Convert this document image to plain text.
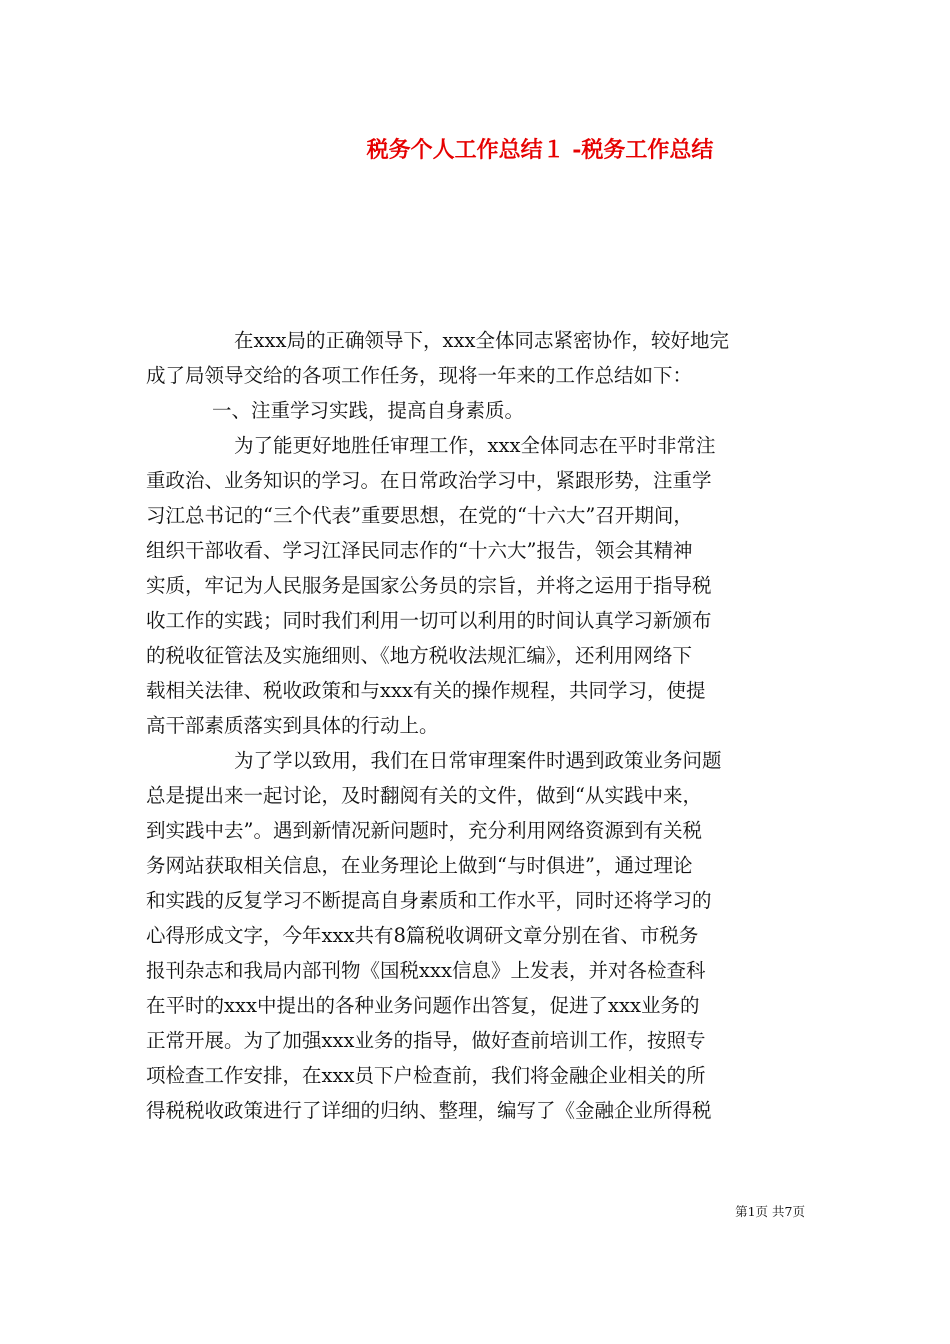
税务个人工作总结１ -税务工作总结
在xxx局的正确领导下，xxx全体同志紧密协作，较好地完
成了局领导交给的各项工作任务，现将一年来的工作总结如下：
一、注重学习实践，提高自身素质。
为了能更好地胜任审理工作，xxx全体同志在平时非常注
重政治、业务知识的学习。在日常政治学习中，紧跟形势，注重学
习江总书记的“三个代表”重要思想，在党的“十六大”召开期间，
组织干部收看、学习江泽民同志作的“十六大”报告，领会其精神
实质，牢记为人民服务是国家公务员的宗旨，并将之运用于指导税
收工作的实践；同时我们利用一切可以利用的时间认真学习新颁布
的税收征管法及实施细则、《地方税收法规汇编》，还利用网络下
载相关法律、税收政策和与xxx有关的操作规程，共同学习，使提
高干部素质落实到具体的行动上。
为了学以致用，我们在日常审理案件时遇到政策业务问题
总是提出来一起讨论，及时翻阅有关的文件，做到“从实践中来，
到实践中去”。遇到新情况新问题时，充分利用网络资源到有关税
务网站获取相关信息，在业务理论上做到“与时俱进”，通过理论
和实践的反复学习不断提高自身素质和工作水平，同时还将学习的
心得形成文字，今年xxx共有8篇税收调研文章分别在省、市税务
报刊杂志和我局内部刊物《国税xxx信息》上发表，并对各检查科
在平时的xxx中提出的各种业务问题作出答复，促进了xxx业务的
正常开展。为了加强xxx业务的指导，做好查前培训工作，按照专
项检查工作安排，在xxx员下户检查前，我们将金融企业相关的所
得税税收政策进行了详细的归纳、整理，编写了《金融企业所得税
第1页 共7页
